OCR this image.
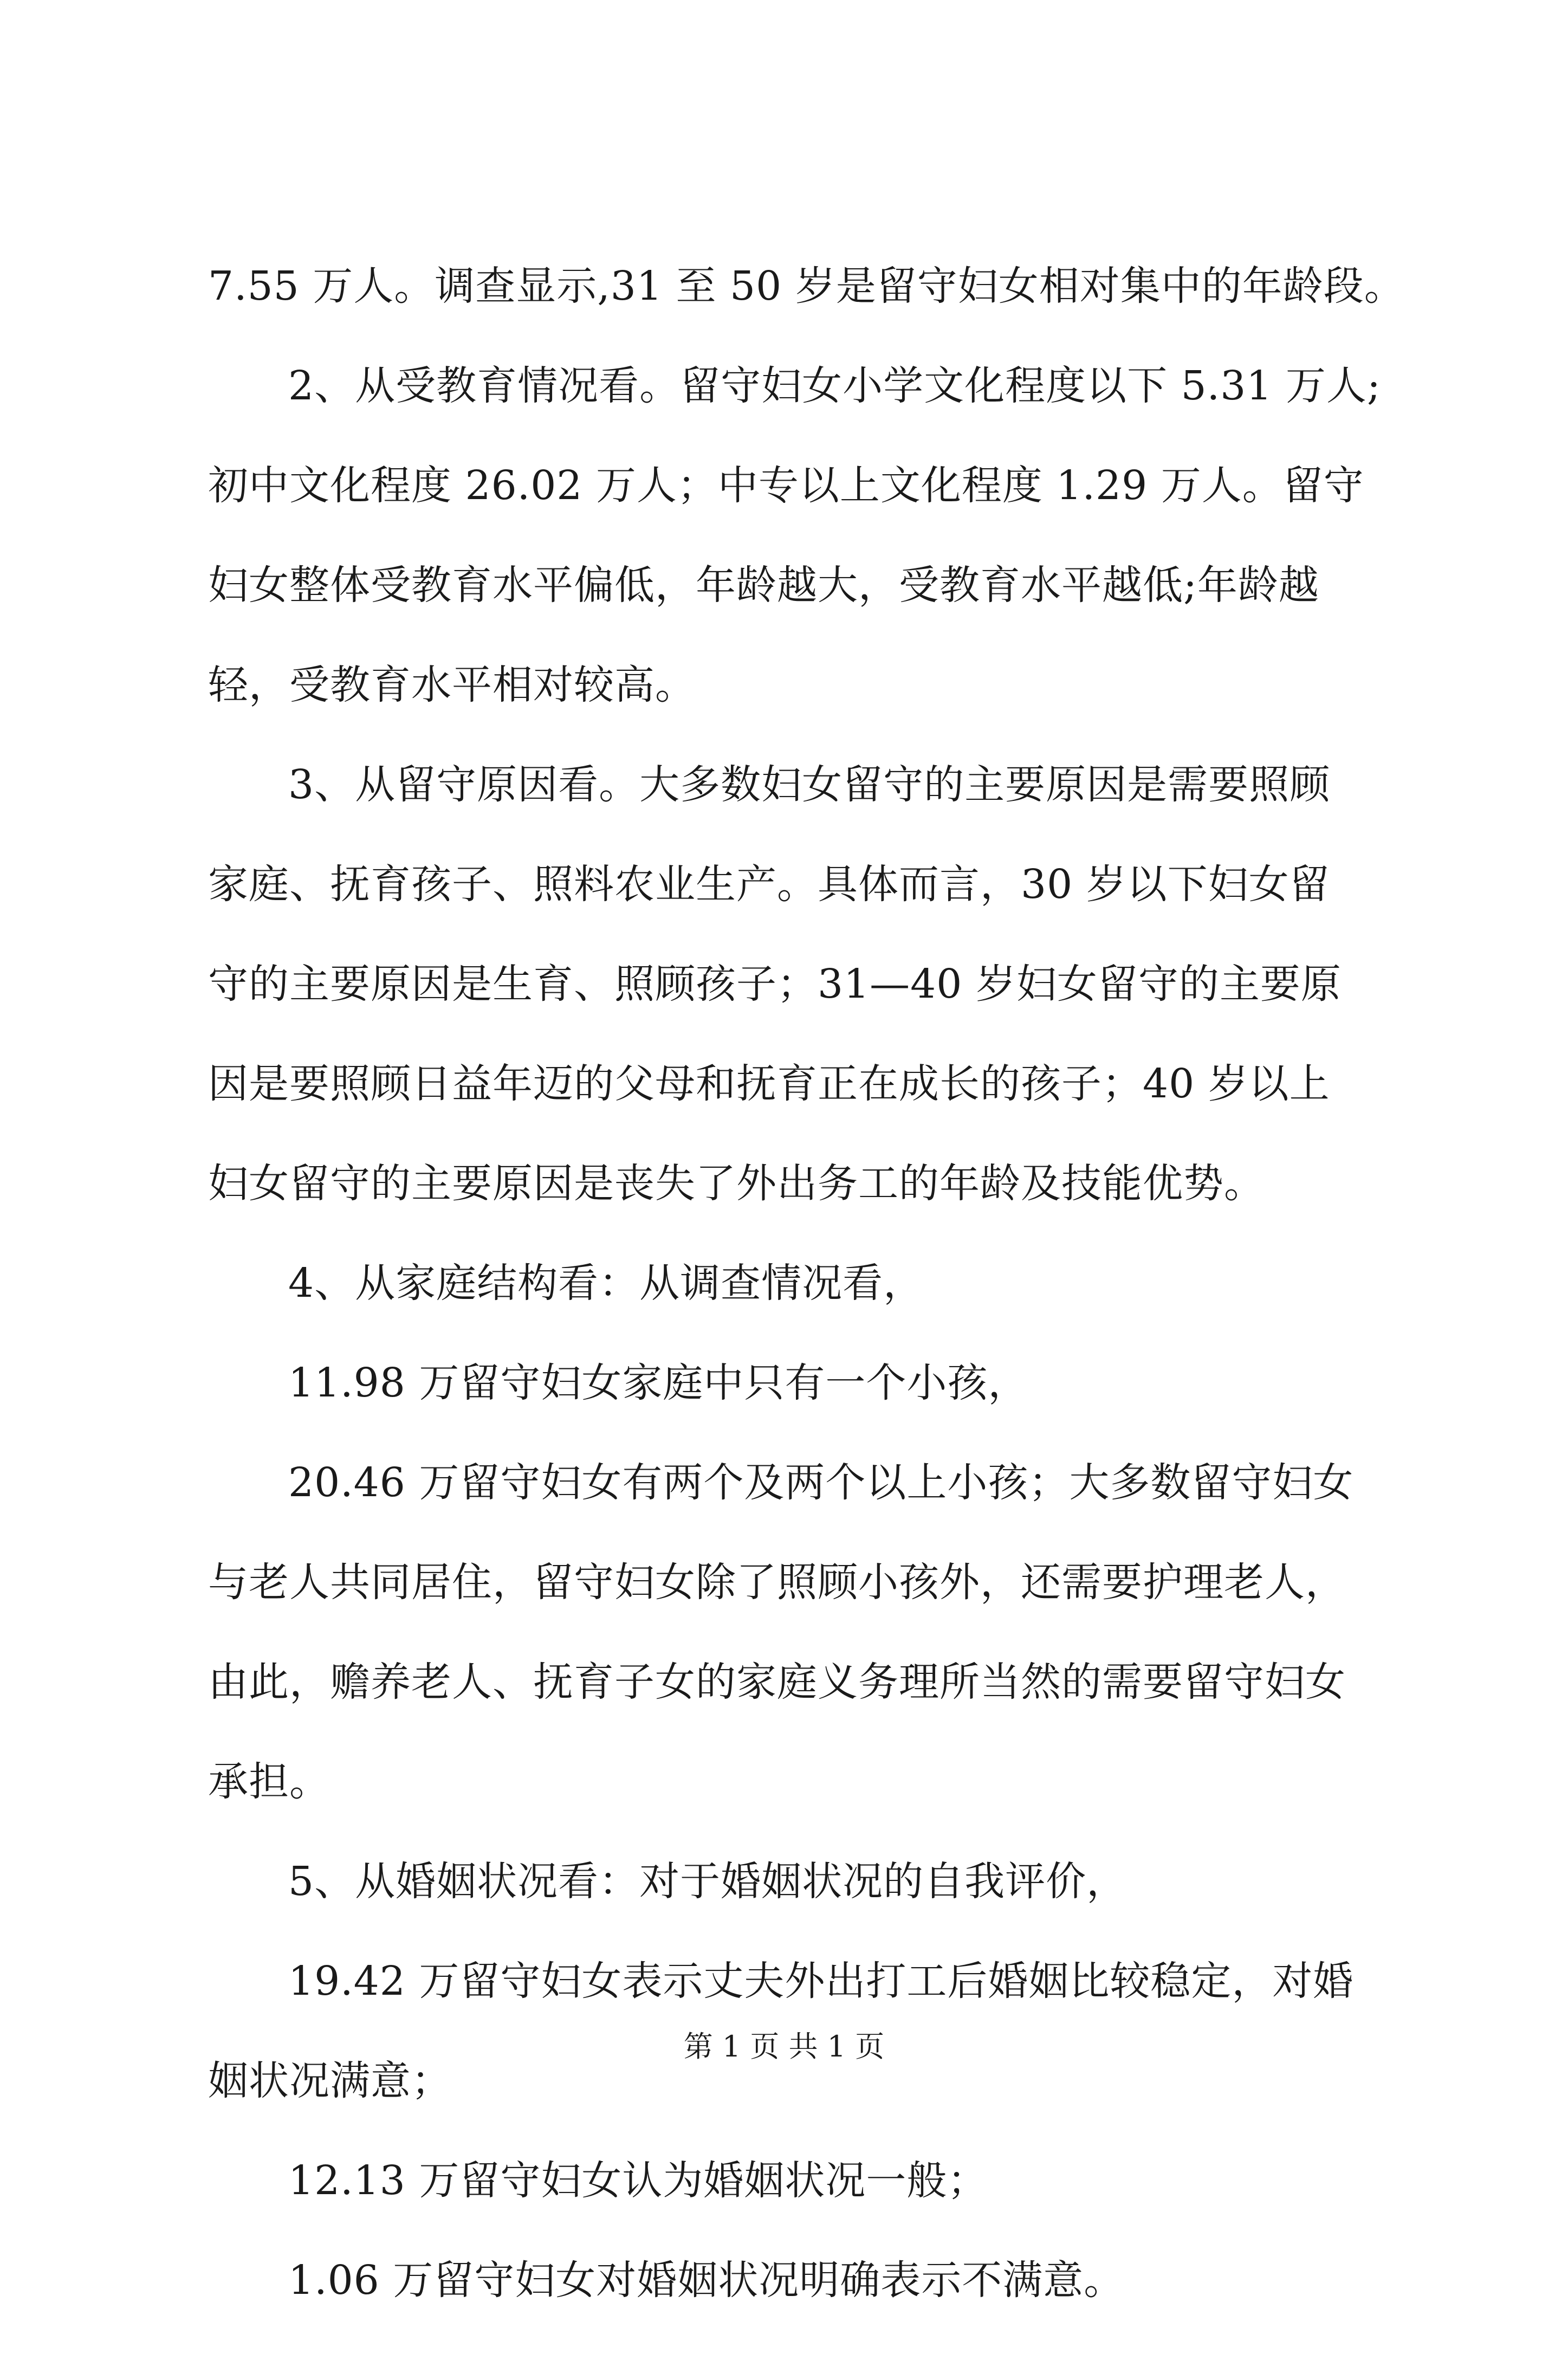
7.55 万人。调查显示,31 至 50 岁是留守妇女相对集中的年龄段。
2、从受教育情况看。留守妇女小学文化程度以下 5.31 万人;
初中文化程度 26.02 万人；中专以上文化程度 1.29 万人。留守
妇女整体受教育水平偏低，年龄越大，受教育水平越低;年龄越
轻，受教育水平相对较高。
3、从留守原因看。大多数妇女留守的主要原因是需要照顾
家庭、抚育孩子、照料农业生产。具体而言，30 岁以下妇女留
守的主要原因是生育、照顾孩子；31—40 岁妇女留守的主要原
因是要照顾日益年迈的父母和抚育正在成长的孩子；40 岁以上
妇女留守的主要原因是丧失了外出务工的年龄及技能优势。
4、从家庭结构看：从调查情况看，
11.98 万留守妇女家庭中只有一个小孩，
20.46 万留守妇女有两个及两个以上小孩；大多数留守妇女
与老人共同居住，留守妇女除了照顾小孩外，还需要护理老人，
由此，赡养老人、抚育子女的家庭义务理所当然的需要留守妇女
承担。
5、从婚姻状况看：对于婚姻状况的自我评价，
19.42 万留守妇女表示丈夫外出打工后婚姻比较稳定，对婚
姻状况满意；
12.13 万留守妇女认为婚姻状况一般；
1.06 万留守妇女对婚姻状况明确表示不满意。
第 1 页 共 1 页
